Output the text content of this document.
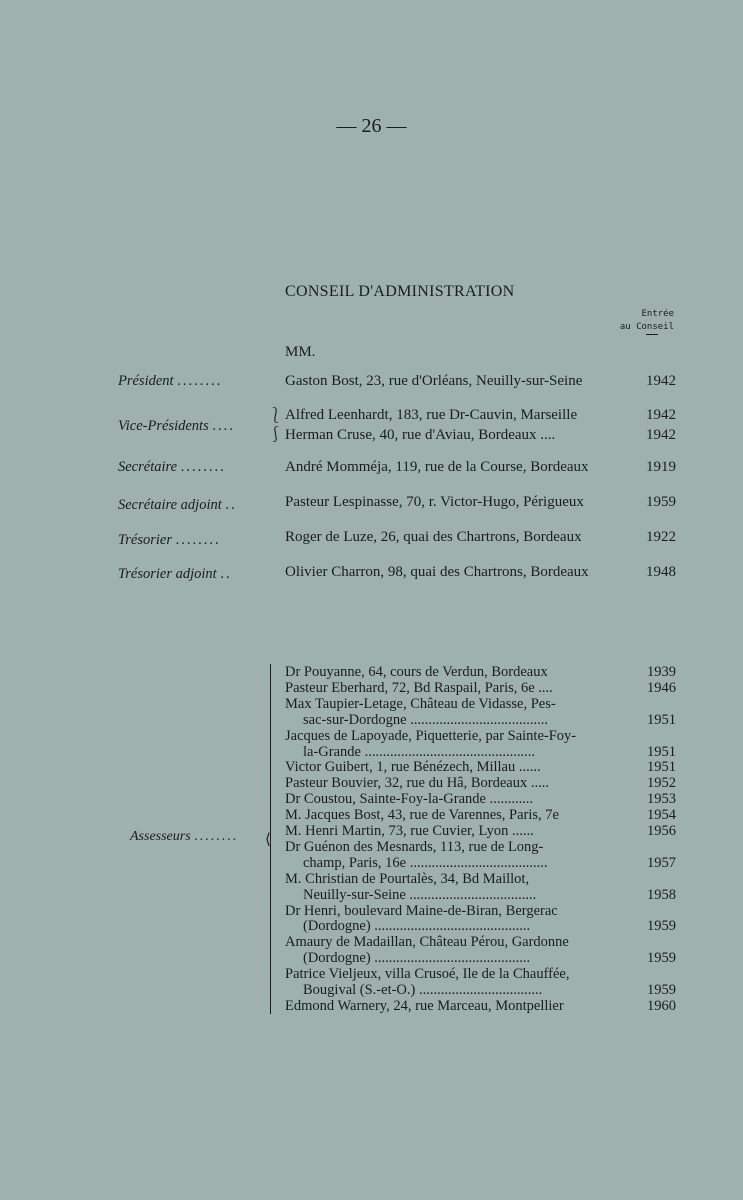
— 26 —
CONSEIL D'ADMINISTRATION
Entrée
au Conseil
MM.
Président ........	Gaston Bost, 23, rue d'Orléans, Neuilly-sur-Seine	1942
Vice-Présidents ....
Alfred Leenhardt, 183, rue Dr-Cauvin, Marseille	1942
Herman Cruse, 40, rue d'Aviau, Bordeaux ....	1942
Secrétaire ........	André Momméja, 119, rue de la Course, Bordeaux	1919
Secrétaire adjoint ..	Pasteur Lespinasse, 70, r. Victor-Hugo, Périgueux	1959
Trésorier ........	Roger de Luze, 26, quai des Chartrons, Bordeaux	1922
Trésorier adjoint ..	Olivier Charron, 98, quai des Chartrons, Bordeaux	1948
⎱
⎰
Assesseurs ........ ⟨
Dr Pouyanne, 64, cours de Verdun, Bordeaux	1939
Pasteur Eberhard, 72, Bd Raspail, Paris, 6e ....	1946
Max Taupier-Letage, Château de Vidasse, Pes-
sac-sur-Dordogne ......................................	1951
Jacques de Lapoyade, Piquetterie, par Sainte-Foy-
la-Grande ...............................................	1951
Victor Guibert, 1, rue Bénézech, Millau ......	1951
Pasteur Bouvier, 32, rue du Hâ, Bordeaux .....	1952
Dr Coustou, Sainte-Foy-la-Grande ............	1953
M. Jacques Bost, 43, rue de Varennes, Paris, 7e	1954
M. Henri Martin, 73, rue Cuvier, Lyon ......	1956
Dr Guénon des Mesnards, 113, rue de Long-
champ, Paris, 16e ......................................	1957
M. Christian de Pourtalès, 34, Bd Maillot,
Neuilly-sur-Seine ...................................	1958
Dr Henri, boulevard Maine-de-Biran, Bergerac
(Dordogne) ...........................................	1959
Amaury de Madaillan, Château Pérou, Gardonne
(Dordogne) ...........................................	1959
Patrice Vieljeux, villa Crusoé, Ile de la Chauffée,
Bougival (S.-et-O.) ..................................	1959
Edmond Warnery, 24, rue Marceau, Montpellier	1960
